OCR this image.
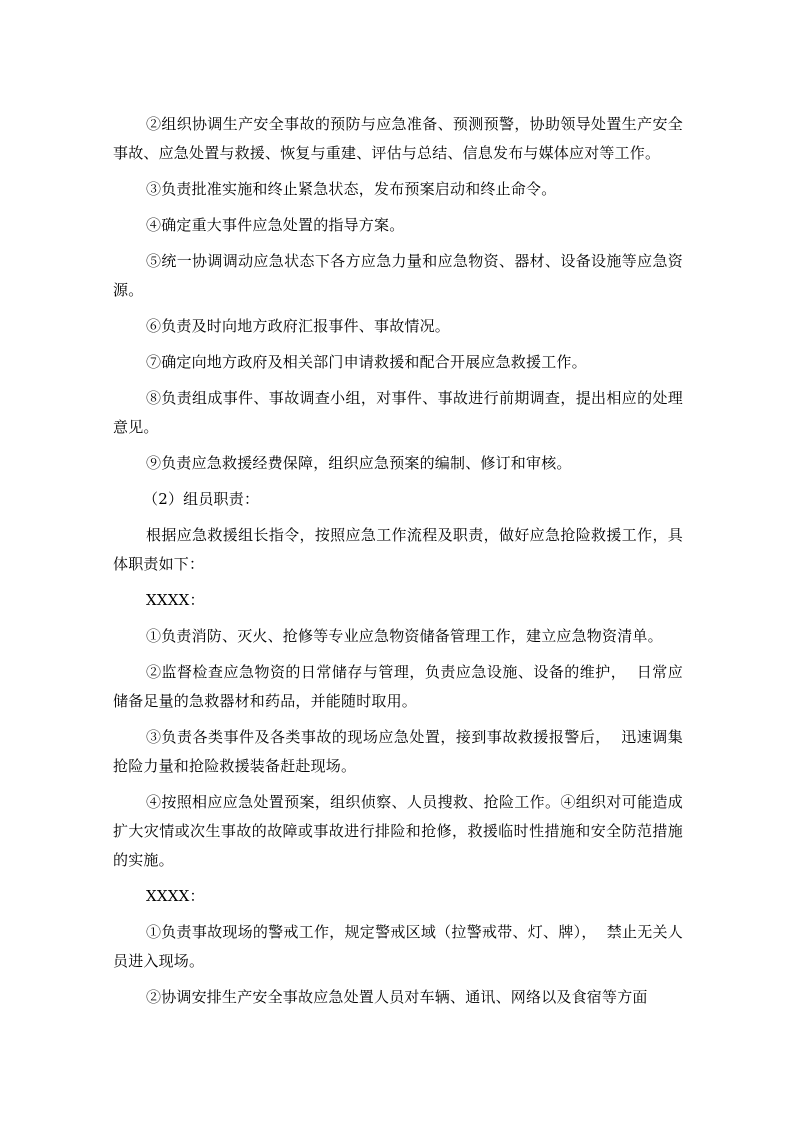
②组织协调生产安全事故的预防与应急准备、预测预警，协助领导处置生产安全事故、应急处置与救援、恢复与重建、评估与总结、信息发布与媒体应对等工作。

③负责批准实施和终止紧急状态，发布预案启动和终止命令。

④确定重大事件应急处置的指导方案。

⑤统一协调调动应急状态下各方应急力量和应急物资、器材、设备设施等应急资源。

⑥负责及时向地方政府汇报事件、事故情况。

⑦确定向地方政府及相关部门申请救援和配合开展应急救援工作。

⑧负责组成事件、事故调查小组，对事件、事故进行前期调查，提出相应的处理意见。

⑨负责应急救援经费保障，组织应急预案的编制、修订和审核。

（2）组员职责：

根据应急救援组长指令，按照应急工作流程及职责，做好应急抢险救援工作，具体职责如下：

XXXX：

①负责消防、灭火、抢修等专业应急物资储备管理工作，建立应急物资清单。

②监督检查应急物资的日常储存与管理，负责应急设施、设备的维护，  日常应储备足量的急救器材和药品，并能随时取用。

③负责各类事件及各类事故的现场应急处置，接到事故救援报警后，  迅速调集抢险力量和抢险救援装备赶赴现场。

④按照相应应急处置预案，组织侦察、人员搜救、抢险工作。④组织对可能造成扩大灾情或次生事故的故障或事故进行排险和抢修，救援临时性措施和安全防范措施的实施。

XXXX：

①负责事故现场的警戒工作，规定警戒区域（拉警戒带、灯、牌），  禁止无关人员进入现场。

②协调安排生产安全事故应急处置人员对车辆、通讯、网络以及食宿等方面
